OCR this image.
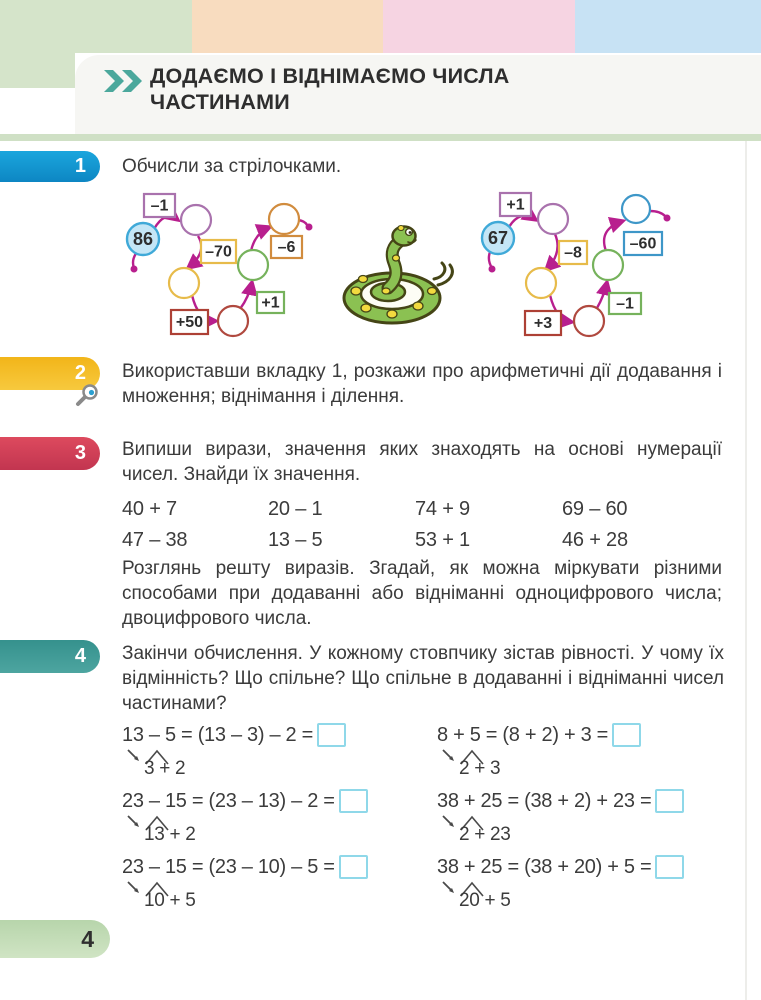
ДОДАЄМО І ВІДНІМАЄМО ЧИСЛА
ЧАСТИНАМИ
1
2
3
4
Обчисли за стрілочками.
Використавши вкладку 1, розкажи про арифметичні дії додавання і множення; віднімання і ділення.
Випиши вирази, значення яких знаходять на основі нумерації чисел. Знайди їх значення.
Розглянь решту виразів. Згадай, як можна міркувати різними способами при додаванні або відніманні одноцифрового числа; двоцифрового числа.
Закінчи обчислення. У кожному стовпчику зістав рівності. У чому їх відмінність? Що спільне? Що спільне в додаванні і відніманні чисел частинами?
86
–1
–70
+50
+1
–6	67
+1
–8
+3
–1
–60
40 + 7	20 – 1	74 + 9	69 – 60
47 – 38	13 – 5	53 + 1	46 + 28
13 – 5 = (13 – 3) – 2 =
3 + 2
8 + 5 = (8 + 2) + 3 =
2 + 3
23 – 15 = (23 – 13) – 2 =
13 + 2
38 + 25 = (38 + 2) + 23 =
2 + 23
23 – 15 = (23 – 10) – 5 =
10 + 5
38 + 25 = (38 + 20) + 5 =
20 + 5
4
